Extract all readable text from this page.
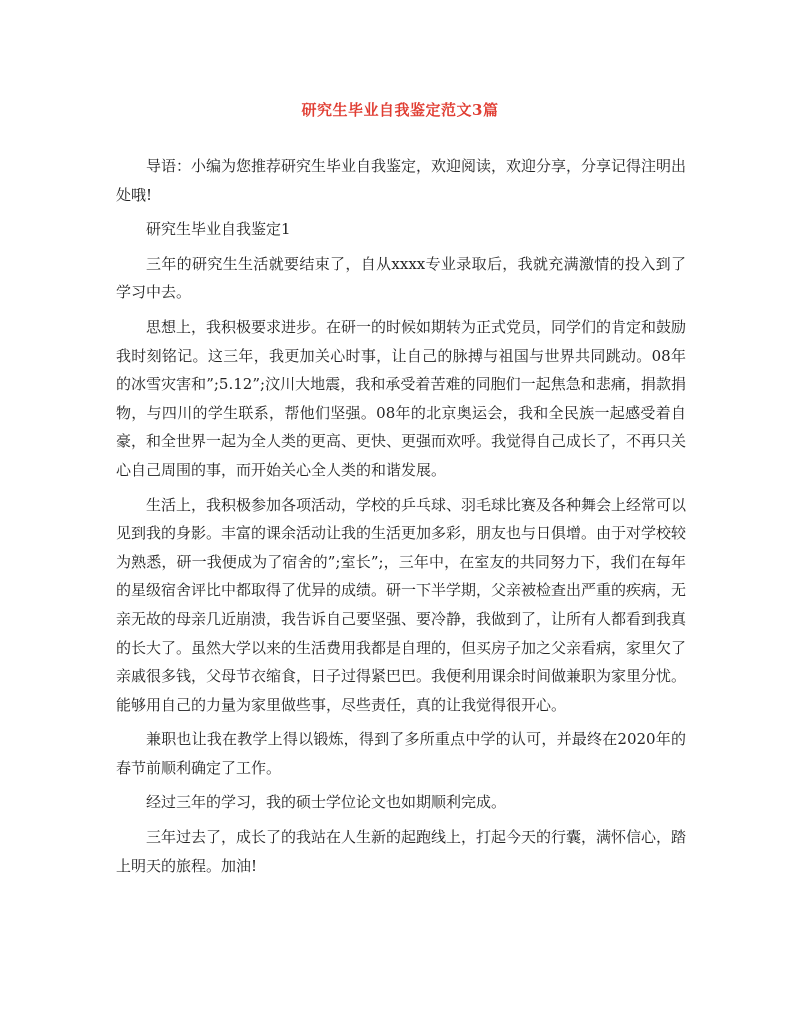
研究生毕业自我鉴定范文3篇

导语：小编为您推荐研究生毕业自我鉴定，欢迎阅读，欢迎分享，分享记得注明出处哦!

研究生毕业自我鉴定1

三年的研究生生活就要结束了，自从xxxx专业录取后，我就充满激情的投入到了学习中去。

思想上，我积极要求进步。在研一的时候如期转为正式党员，同学们的肯定和鼓励我时刻铭记。这三年，我更加关心时事，让自己的脉搏与祖国与世界共同跳动。08年的冰雪灾害和”;5.12”;汶川大地震，我和承受着苦难的同胞们一起焦急和悲痛，捐款捐物，与四川的学生联系，帮他们坚强。08年的北京奥运会，我和全民族一起感受着自豪，和全世界一起为全人类的更高、更快、更强而欢呼。我觉得自己成长了，不再只关心自己周围的事，而开始关心全人类的和谐发展。

生活上，我积极参加各项活动，学校的乒乓球、羽毛球比赛及各种舞会上经常可以见到我的身影。丰富的课余活动让我的生活更加多彩，朋友也与日俱增。由于对学校较为熟悉，研一我便成为了宿舍的”;室长”;，三年中，在室友的共同努力下，我们在每年的星级宿舍评比中都取得了优异的成绩。研一下半学期，父亲被检查出严重的疾病，无亲无故的母亲几近崩溃，我告诉自己要坚强、要冷静，我做到了，让所有人都看到我真的长大了。虽然大学以来的生活费用我都是自理的，但买房子加之父亲看病，家里欠了亲戚很多钱，父母节衣缩食，日子过得紧巴巴。我便利用课余时间做兼职为家里分忧。能够用自己的力量为家里做些事，尽些责任，真的让我觉得很开心。

兼职也让我在教学上得以锻炼，得到了多所重点中学的认可，并最终在2020年的春节前顺利确定了工作。

经过三年的学习，我的硕士学位论文也如期顺利完成。

三年过去了，成长了的我站在人生新的起跑线上，打起今天的行囊，满怀信心，踏上明天的旅程。加油!
